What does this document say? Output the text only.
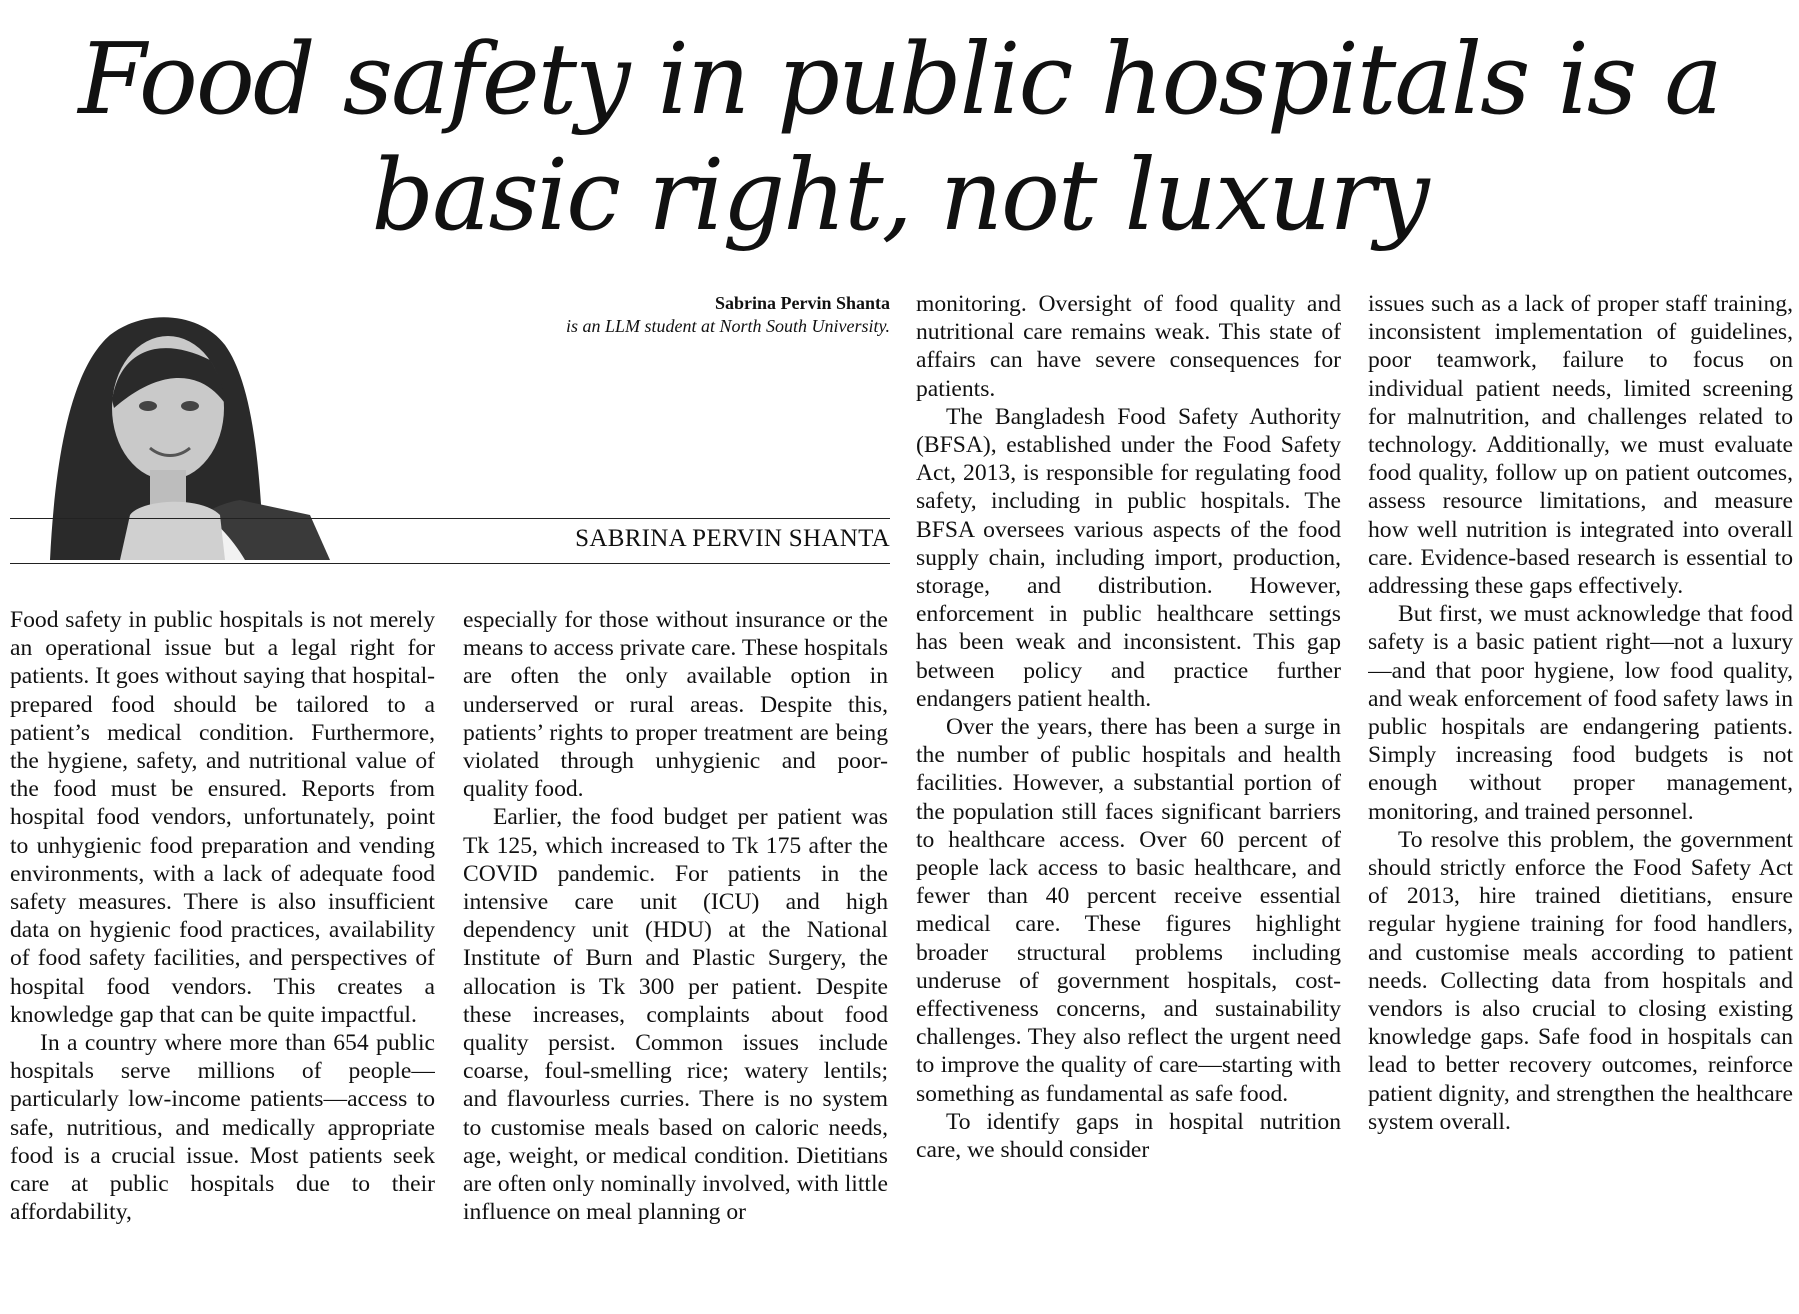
Food safety in public hospitals is a basic right, not luxury
Sabrina Pervin Shanta
is an LLM student at North South University.
SABRINA PERVIN SHANTA

Food safety in public hospitals is not merely an operational issue but a legal right for patients. It goes without saying that hospital-prepared food should be tailored to a patient’s medical condition. Furthermore, the hygiene, safety, and nutritional value of the food must be ensured. Reports from hospital food vendors, unfortunately, point to unhygienic food preparation and vending environments, with a lack of adequate food safety measures. There is also insufficient data on hygienic food practices, availability of food safety facilities, and perspectives of hospital food vendors. This creates a knowledge gap that can be quite impactful.

In a country where more than 654 public hospitals serve millions of people—particularly low-income patients—access to safe, nutritious, and medically appropriate food is a crucial issue. Most patients seek care at public hospitals due to their affordability,

especially for those without insurance or the means to access private care. These hospitals are often the only available option in underserved or rural areas. Despite this, patients’ rights to proper treatment are being violated through unhygienic and poor-quality food.

Earlier, the food budget per patient was Tk 125, which increased to Tk 175 after the COVID pandemic. For patients in the intensive care unit (ICU) and high dependency unit (HDU) at the National Institute of Burn and Plastic Surgery, the allocation is Tk 300 per patient. Despite these increases, complaints about food quality persist. Common issues include coarse, foul-smelling rice; watery lentils; and flavourless curries. There is no system to customise meals based on caloric needs, age, weight, or medical condition. Dietitians are often only nominally involved, with little influence on meal planning or

monitoring. Oversight of food quality and nutritional care remains weak. This state of affairs can have severe consequences for patients.

The Bangladesh Food Safety Authority (BFSA), established under the Food Safety Act, 2013, is responsible for regulating food safety, including in public hospitals. The BFSA oversees various aspects of the food supply chain, including import, production, storage, and distribution. However, enforcement in public healthcare settings has been weak and inconsistent. This gap between policy and practice further endangers patient health.

Over the years, there has been a surge in the number of public hospitals and health facilities. However, a substantial portion of the population still faces significant barriers to healthcare access. Over 60 percent of people lack access to basic healthcare, and fewer than 40 percent receive essential medical care. These figures highlight broader structural problems including underuse of government hospitals, cost-effectiveness concerns, and sustainability challenges. They also reflect the urgent need to improve the quality of care—starting with something as fundamental as safe food.

To identify gaps in hospital nutrition care, we should consider

issues such as a lack of proper staff training, inconsistent implementation of guidelines, poor teamwork, failure to focus on individual patient needs, limited screening for malnutrition, and challenges related to technology. Additionally, we must evaluate food quality, follow up on patient outcomes, assess resource limitations, and measure how well nutrition is integrated into overall care. Evidence-based research is essential to addressing these gaps effectively.

But first, we must acknowledge that food safety is a basic patient right—not a luxury—and that poor hygiene, low food quality, and weak enforcement of food safety laws in public hospitals are endangering patients. Simply increasing food budgets is not enough without proper management, monitoring, and trained personnel.

To resolve this problem, the government should strictly enforce the Food Safety Act of 2013, hire trained dietitians, ensure regular hygiene training for food handlers, and customise meals according to patient needs. Collecting data from hospitals and vendors is also crucial to closing existing knowledge gaps. Safe food in hospitals can lead to better recovery outcomes, reinforce patient dignity, and strengthen the healthcare system overall.
